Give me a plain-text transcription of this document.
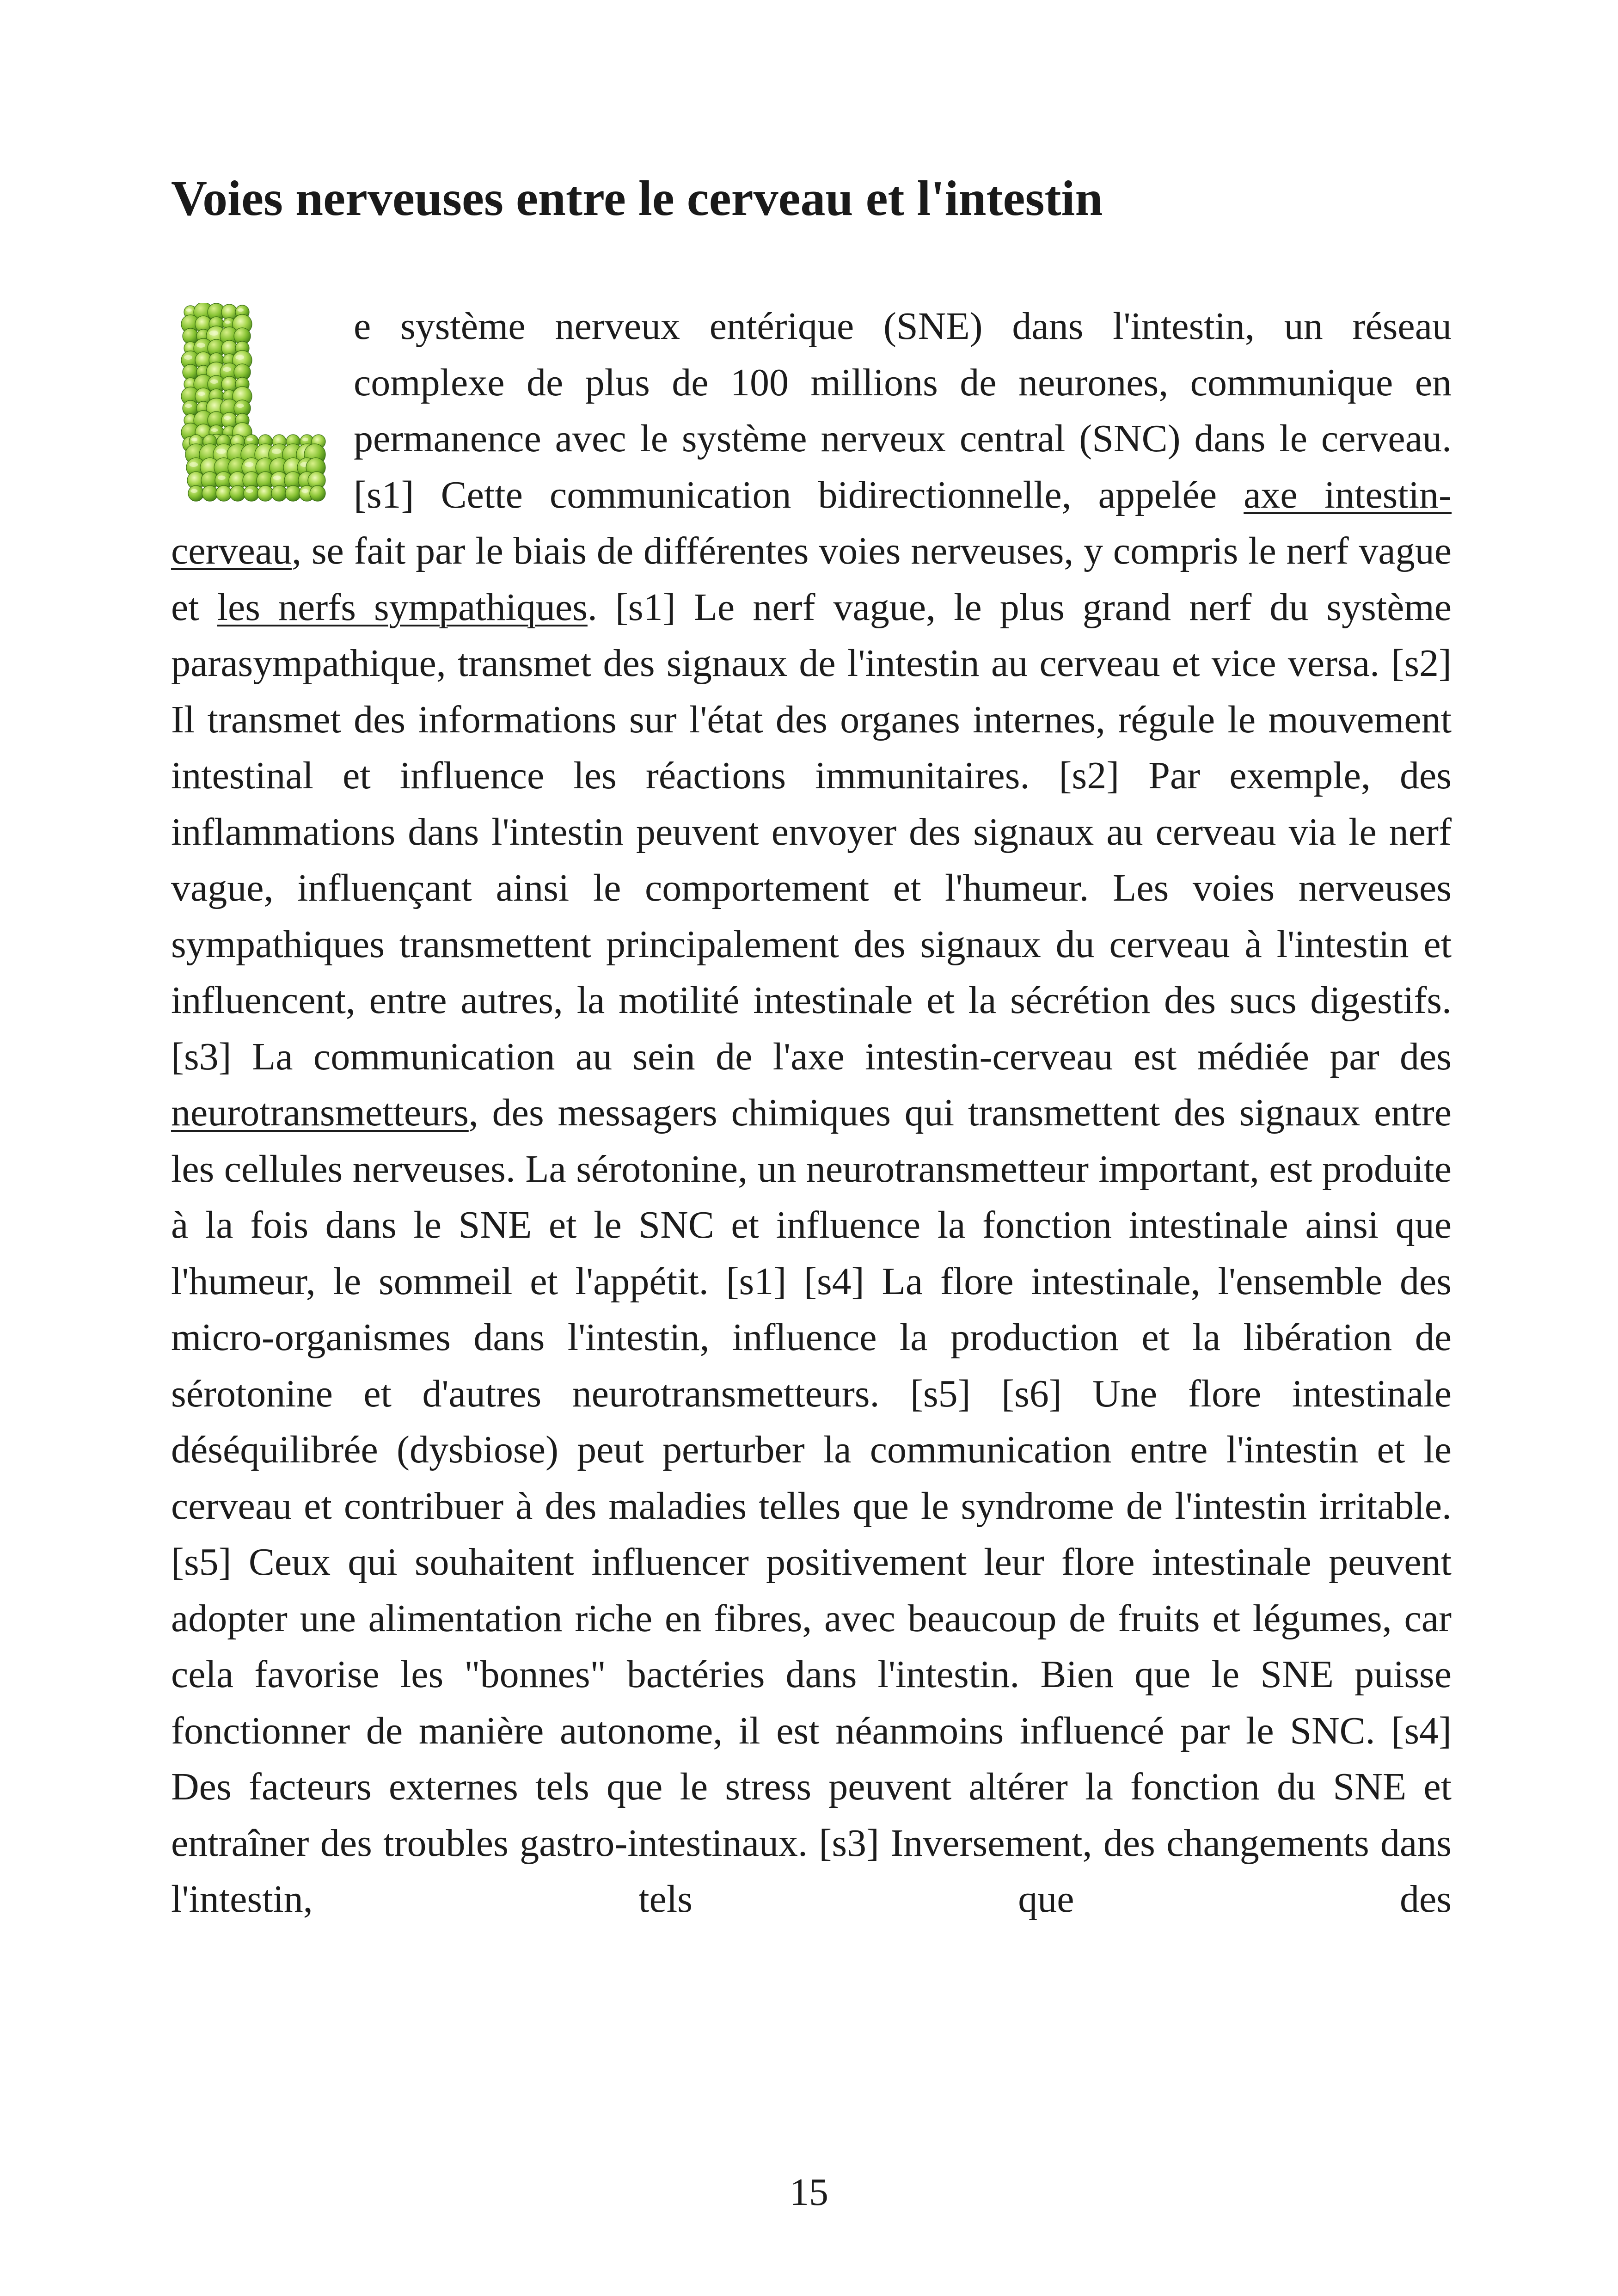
Voies nerveuses entre le cerveau et l'intestin

e système nerveux entérique (SNE) dans l'intestin, un réseau complexe de plus de 100 millions de neurones, communique en permanence avec le système nerveux central (SNC) dans le cerveau. [s1] Cette communication bidirectionnelle, appelée axe intestin-cerveau, se fait par le biais de différentes voies nerveuses, y compris le nerf vague et les nerfs sympathiques. [s1] Le nerf vague, le plus grand nerf du système parasympathique, transmet des signaux de l'intestin au cerveau et vice versa. [s2] Il transmet des informations sur l'état des organes internes, régule le mouvement intestinal et influence les réactions immunitaires. [s2] Par exemple, des inflammations dans l'intestin peuvent envoyer des signaux au cerveau via le nerf vague, influençant ainsi le comportement et l'humeur. Les voies nerveuses sympathiques transmettent principalement des signaux du cerveau à l'intestin et influencent, entre autres, la motilité intestinale et la sécrétion des sucs digestifs. [s3] La communication au sein de l'axe intestin-cerveau est médiée par des neurotransmetteurs, des messagers chimiques qui transmettent des signaux entre les cellules nerveuses. La sérotonine, un neurotransmetteur important, est produite à la fois dans le SNE et le SNC et influence la fonction intestinale ainsi que l'humeur, le sommeil et l'appétit. [s1] [s4] La flore intestinale, l'ensemble des micro-organismes dans l'intestin, influence la production et la libération de sérotonine et d'autres neurotransmetteurs. [s5] [s6] Une flore intestinale déséquilibrée (dysbiose) peut perturber la communication entre l'intestin et le cerveau et contribuer à des maladies telles que le syndrome de l'intestin irritable. [s5] Ceux qui souhaitent influencer positivement leur flore intestinale peuvent adopter une alimentation riche en fibres, avec beaucoup de fruits et légumes, car cela favorise les "bonnes" bactéries dans l'intestin. Bien que le SNE puisse fonctionner de manière autonome, il est néanmoins influencé par le SNC. [s4] Des facteurs externes tels que le stress peuvent altérer la fonction du SNE et entraîner des troubles gastro-intestinaux. [s3] Inversement, des changements dans l'intestin, tels que des

15
